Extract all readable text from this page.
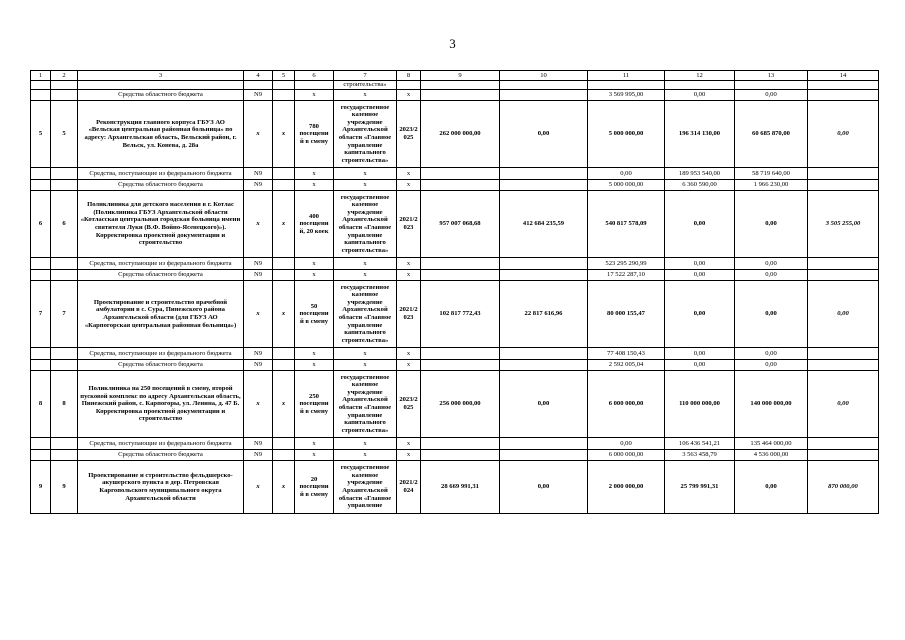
3
1	2	3	4	5	6	7	8	9	10	11	12	13	14
						строительства»							
		Средства областного бюджета	N9		x	x	x			3 569 995,00	0,00	0,00	
5	5	Реконструкция главного корпуса ГБУЗ АО «Вельская центральная районная больница» по адресу: Архангельская область, Вельский район, г. Вельск, ул. Конева, д. 28а	x	x	780 посещени й в смену	государственное казенное учреждение Архангельской области «Главное управление капитального строительства»	2023/2 025	262 000 000,00	0,00	5 000 000,00	196 314 130,00	60 685 870,00	0,00
		Средства, поступающие из федерального бюджета	N9		x	x	x			0,00	189 953 540,00	58 719 640,00	
		Средства областного бюджета	N9		x	x	x			5 000 000,00	6 360 590,00	1 966 230,00	
6	6	Поликлиника для детского населения в г. Котлас (Поликлиника ГБУЗ Архангельской области «Котласская центральная городская больница имени святителя Луки (В.Ф. Войно-Ясенецкого)»). Корректировка проектной документации и строительство	x	x	400 посещени й, 20 коек	государственное казенное учреждение Архангельской области «Главное управление капитального строительства»	2021/2 023	957 007 068,68	412 684 235,59	540 817 578,09	0,00	0,00	3 505 255,00
		Средства, поступающие из федерального бюджета	N9		x	x	x			523 295 290,99	0,00	0,00	
		Средства областного бюджета	N9		x	x	x			17 522 287,10	0,00	0,00	
7	7	Проектирование и строительство врачебной амбулатории в с. Сура, Пинежского района Архангельской области (для ГБУЗ АО «Карпогорская центральная районная больница»)	x	x	50 посещени й в смену	государственное казенное учреждение Архангельской области «Главное управление капитального строительства»	2021/2 023	102 817 772,43	22 817 616,96	80 000 155,47	0,00	0,00	0,00
		Средства, поступающие из федерального бюджета	N9		x	x	x			77 408 150,43	0,00	0,00	
		Средства областного бюджета	N9		x	x	x			2 592 005,04	0,00	0,00	
8	8	Поликлиника на 250 посещений в смену, второй пусковой комплекс по адресу Архангельская область, Пинежский район, с. Карпогоры, ул. Ленина, д. 47 Б. Корректировка проектной документации и строительство	x	x	250 посещени й в смену	государственное казенное учреждение Архангельской области «Главное управление капитального строительства»	2023/2 025	256 000 000,00	0,00	6 000 000,00	110 000 000,00	140 000 000,00	0,00
		Средства, поступающие из федерального бюджета	N9		x	x	x			0,00	106 436 541,21	135 464 000,00	
		Средства областного бюджета	N9		x	x	x			6 000 000,00	3 563 458,79	4 536 000,00	
9	9	Проектирование и строительство фельдшерско-акушерского пункта в дер. Петровская Каргопольского муниципального округа Архангельской области	x	x	20 посещени й в смену	государственное казенное учреждение Архангельской области «Главное управление	2021/2 024	28 669 991,31	0,00	2 000 000,00	25 799 991,31	0,00	870 000,00
